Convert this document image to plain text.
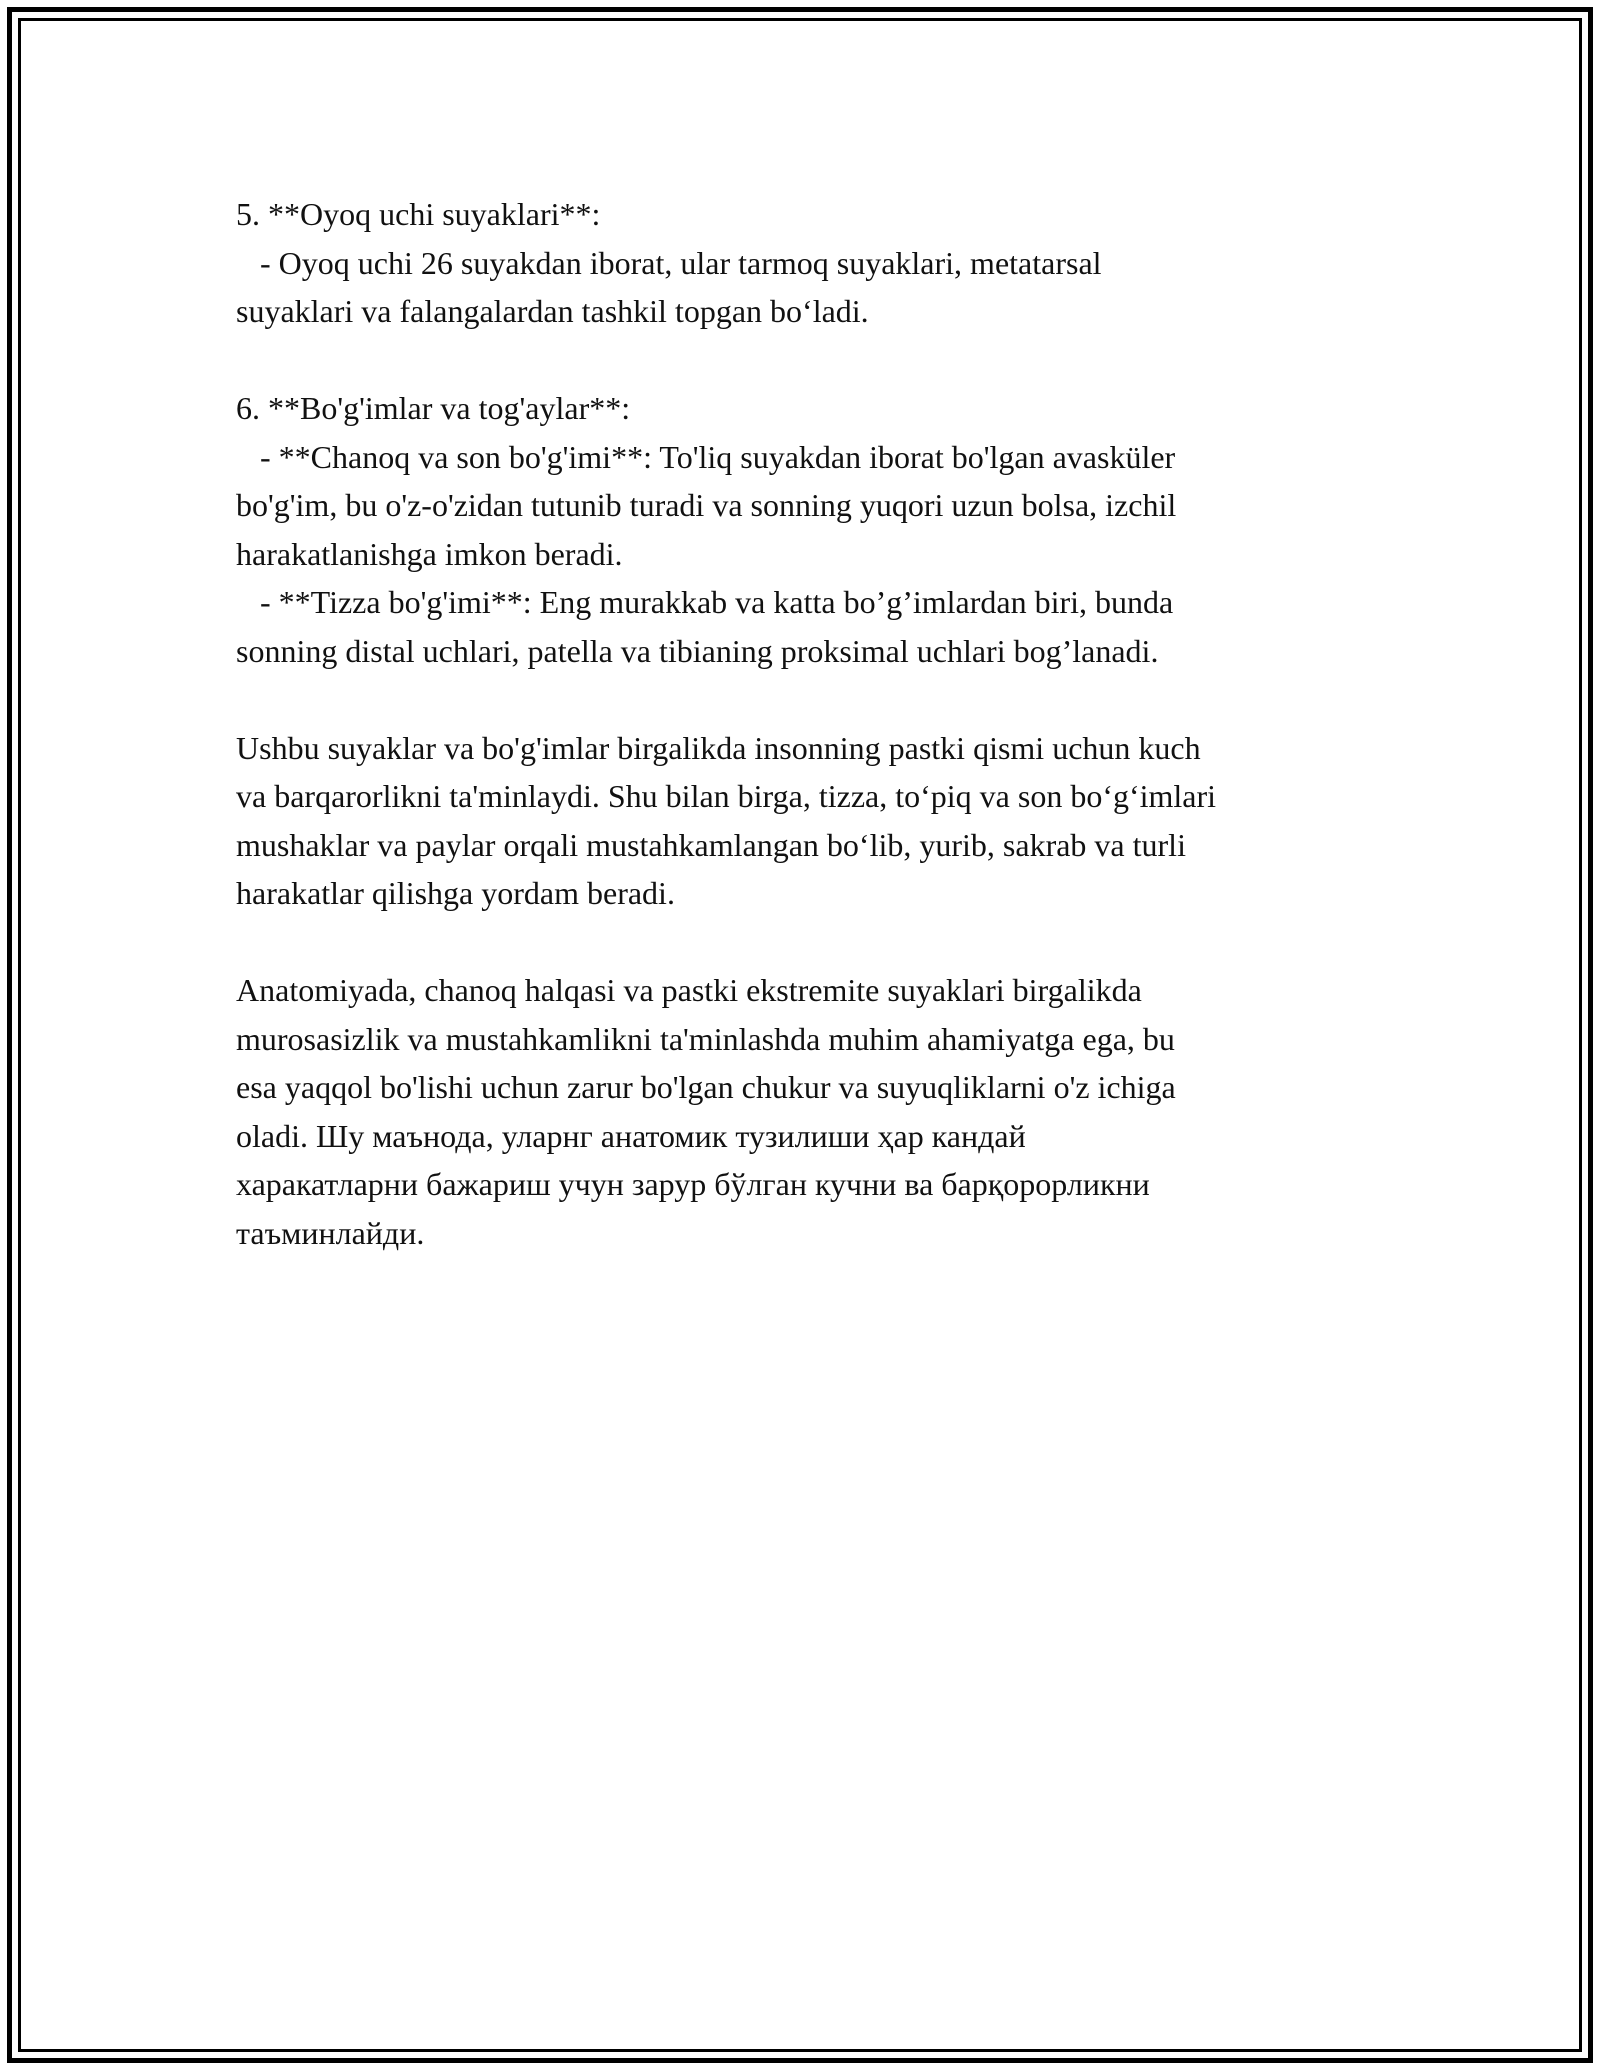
5. **Oyoq uchi suyaklari**:
- Oyoq uchi 26 suyakdan iborat, ular tarmoq suyaklari, metatarsal
suyaklari va falangalardan tashkil topgan bo‘ladi.
6. **Bo'g'imlar va tog'aylar**:
- **Chanoq va son bo'g'imi**: To'liq suyakdan iborat bo'lgan avasküler
bo'g'im, bu o'z-o'zidan tutunib turadi va sonning yuqori uzun bolsa, izchil
harakatlanishga imkon beradi.
- **Tizza bo'g'imi**: Eng murakkab va katta bo’g’imlardan biri, bunda
sonning distal uchlari, patella va tibianing proksimal uchlari bog’lanadi.
Ushbu suyaklar va bo'g'imlar birgalikda insonning pastki qismi uchun kuch
va barqarorlikni ta'minlaydi. Shu bilan birga, tizza, to‘piq va son bo‘g‘imlari
mushaklar va paylar orqali mustahkamlangan bo‘lib, yurib, sakrab va turli
harakatlar qilishga yordam beradi.
Anatomiyada, chanoq halqasi va pastki ekstremite suyaklari birgalikda
murosasizlik va mustahkamlikni ta'minlashda muhim ahamiyatga ega, bu
esa yaqqol bo'lishi uchun zarur bo'lgan chukur va suyuqliklarni o'z ichiga
oladi. Шу маънода, уларнг анатомик тузилиши ҳар кандай
харакатларни бажариш учун зарур бўлган кучни ва барқорорликни
таъминлайди.
